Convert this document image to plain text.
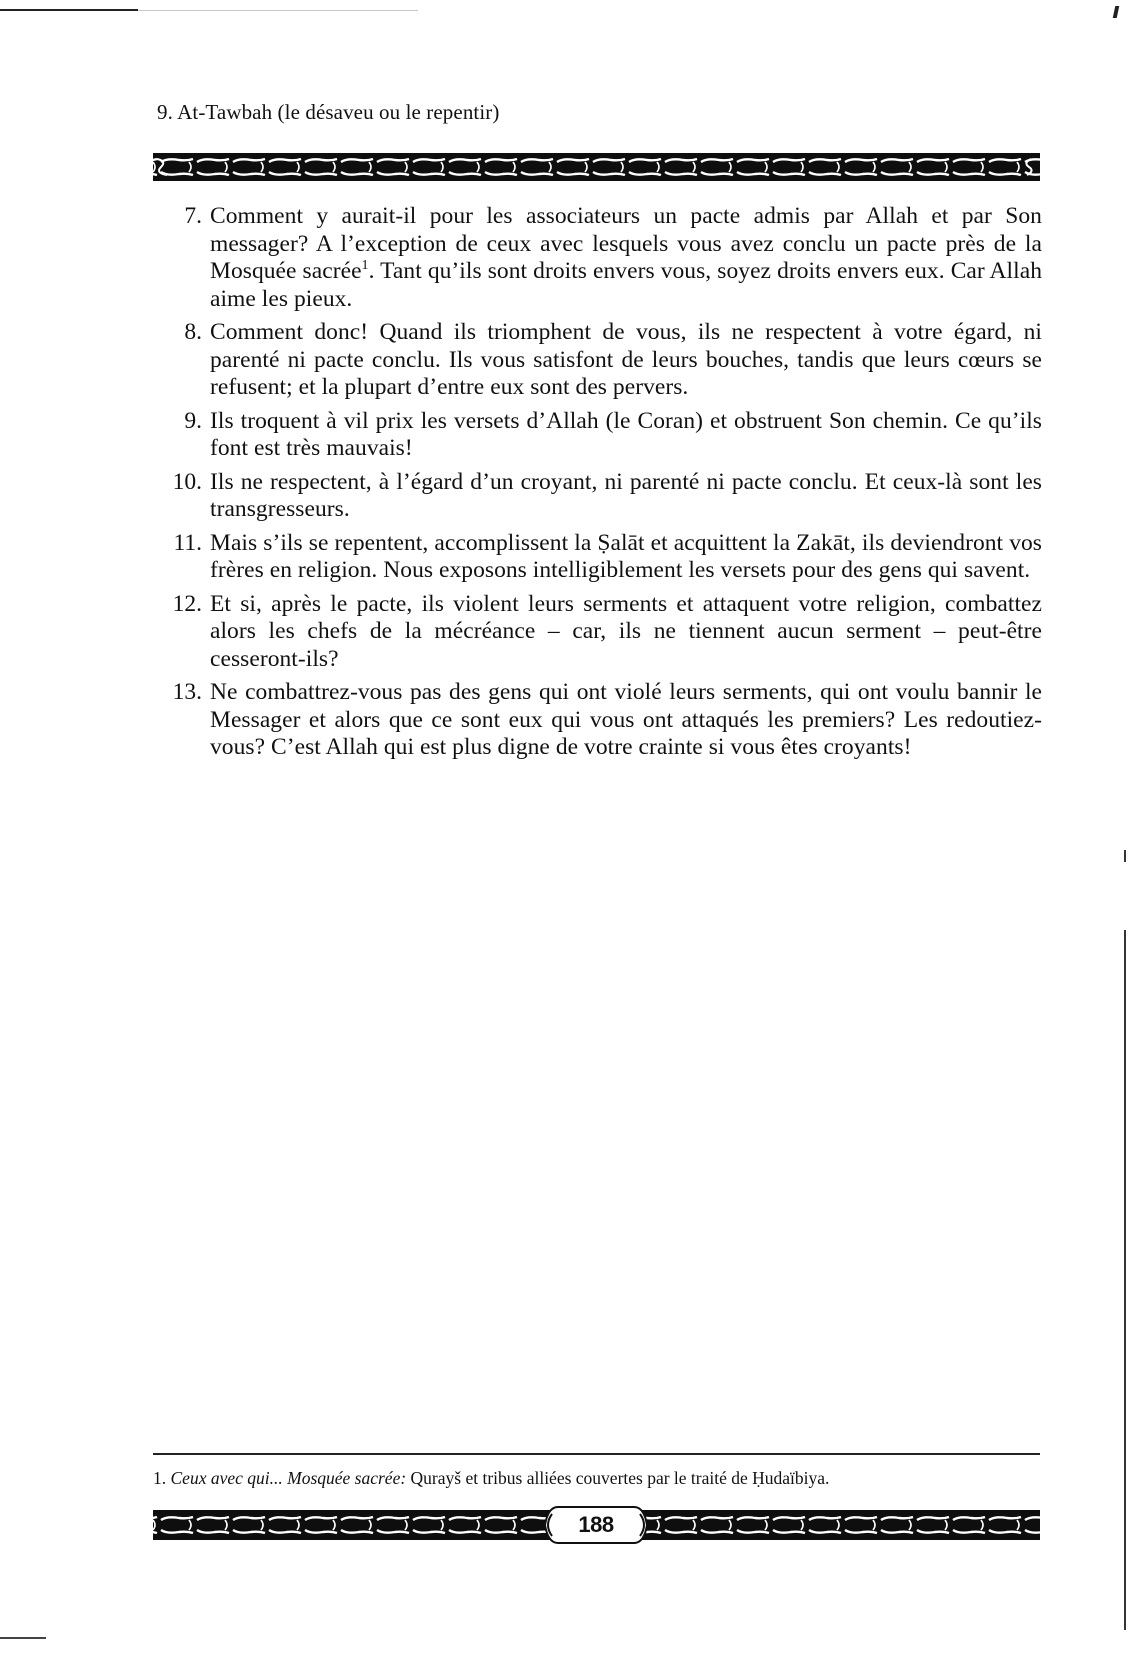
9. At-Tawbah (le désaveu ou le repentir)
7. Comment y aurait-il pour les associateurs un pacte admis par Allah et par Son messager? A l’exception de ceux avec lesquels vous avez conclu un pacte près de la Mosquée sacrée$^1$. Tant qu’ils sont droits envers vous, soyez droits envers eux. Car Allah aime les pieux.
8. Comment donc! Quand ils triomphent de vous, ils ne respectent à votre égard, ni parenté ni pacte conclu. Ils vous satisfont de leurs bouches, tandis que leurs cœurs se refusent; et la plupart d’entre eux sont des pervers.
9. Ils troquent à vil prix les versets d’Allah (le Coran) et obstruent Son chemin. Ce qu’ils font est très mauvais!
10. Ils ne respectent, à l’égard d’un croyant, ni parenté ni pacte conclu. Et ceux-là sont les transgresseurs.
11. Mais s’ils se repentent, accomplissent la Ṣalāt et acquittent la Zakāt, ils deviendront vos frères en religion. Nous exposons intelligiblement les versets pour des gens qui savent.
12. Et si, après le pacte, ils violent leurs serments et attaquent votre religion, combattez alors les chefs de la mécréance – car, ils ne tiennent aucun serment – peut-être cesseront-ils?
13. Ne combattrez-vous pas des gens qui ont violé leurs serments, qui ont voulu bannir le Messager et alors que ce sont eux qui vous ont attaqués les premiers? Les redoutiez-vous? C’est Allah qui est plus digne de votre crainte si vous êtes croyants!
1. Ceux avec qui... Mosquée sacrée: Qurayš et tribus alliées couvertes par le traité de Ḥudaïbiya.
188
